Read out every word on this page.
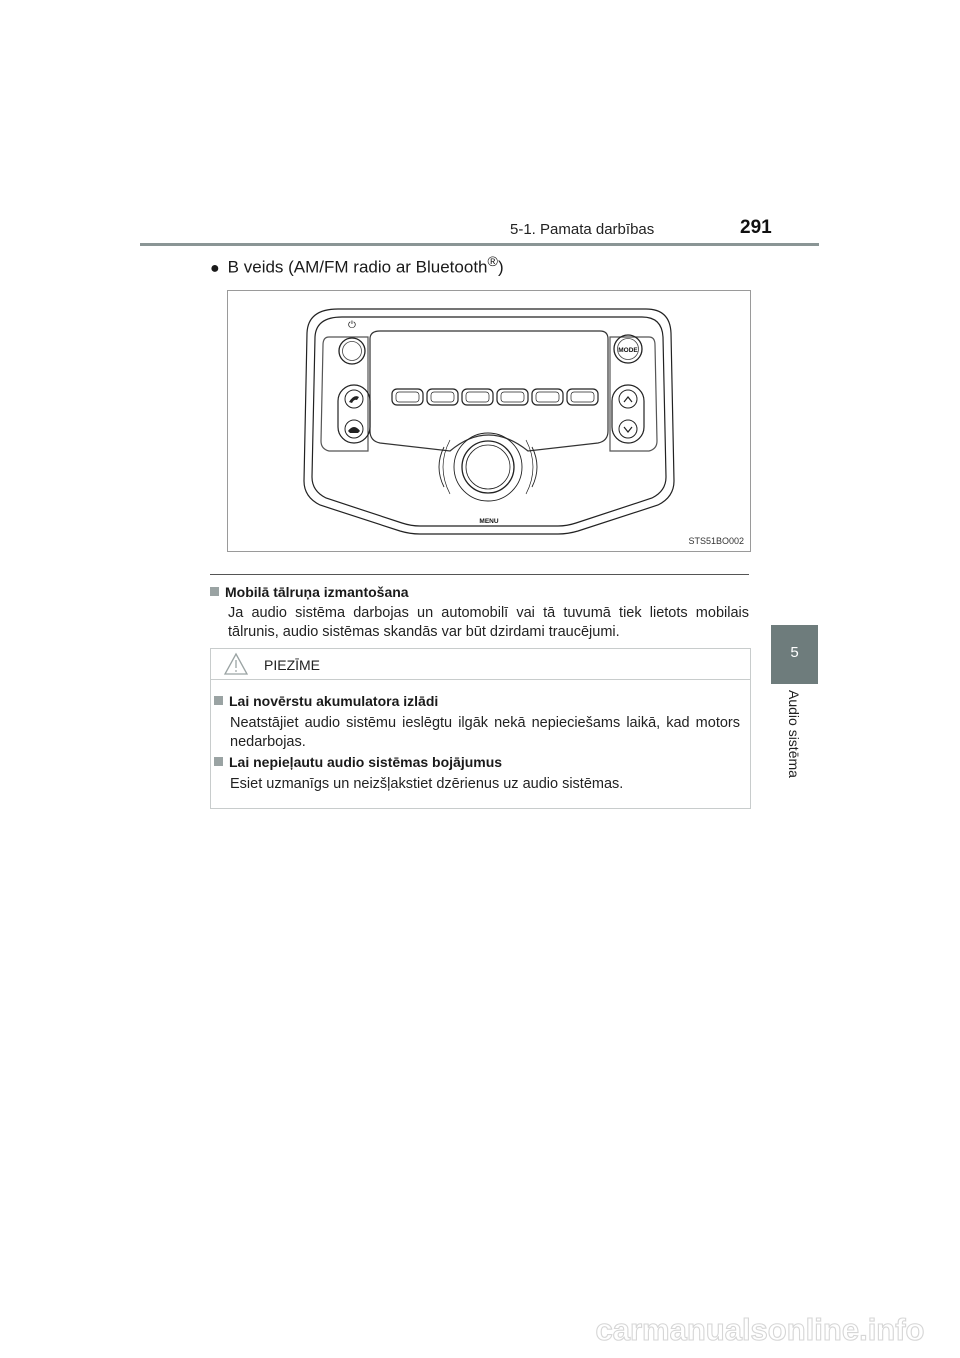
5-1. Pamata darbības	291
5
Audio sistēma
● B veids (AM/FM radio ar Bluetooth®)
⏻
MODE
MENU
STS51BO002
Mobilā tālruņa izmantošana
Ja audio sistēma darbojas un automobilī vai tā tuvumā tiek lietots mobilais tālrunis, audio sistēmas skandās var būt dzirdami traucējumi.
PIEZĪME
Lai novērstu akumulatora izlādi
Neatstājiet audio sistēmu ieslēgtu ilgāk nekā nepieciešams laikā, kad motors nedarbojas.
Lai nepieļautu audio sistēmas bojājumus
Esiet uzmanīgs un neizšļakstiet dzērienus uz audio sistēmas.
carmanualsonline.info
